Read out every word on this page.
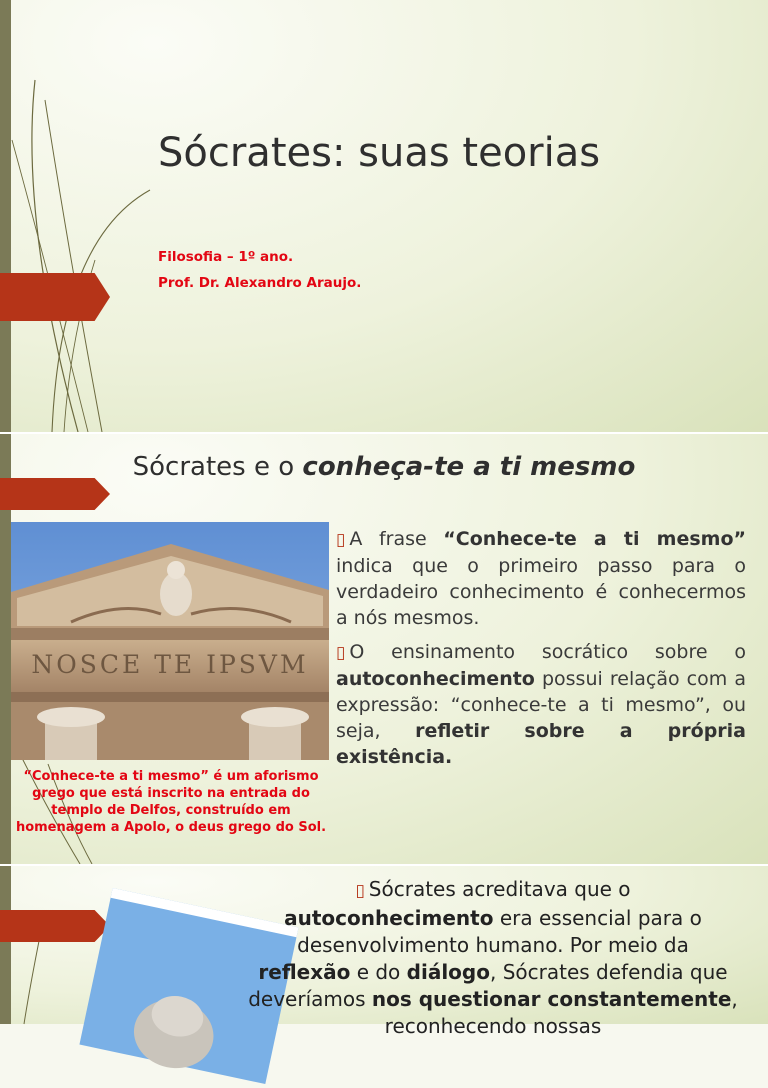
Sócrates: suas teorias
Filosofia – 1º ano.
Prof. Dr. Alexandro Araujo.
Sócrates e o conheça-te a ti mesmo
NOSCE TE IPSVM
“Conhece-te a ti mesmo” é um aforismo grego que está inscrito na entrada do templo de Delfos, construído em homenagem a Apolo, o deus grego do Sol.

▯ A frase “Conhece-te a ti mesmo” indica que o primeiro passo para o verdadeiro conhecimento é conhecermos a nós mesmos.

▯ O ensinamento socrático sobre o autoconhecimento possui relação com a expressão: “conhece-te a ti mesmo”, ou seja, refletir sobre a própria existência.

▯ Sócrates acreditava que o autoconhecimento era essencial para o desenvolvimento humano. Por meio da reflexão e do diálogo, Sócrates defendia que deveríamos nos questionar constantemente, reconhecendo nossas
